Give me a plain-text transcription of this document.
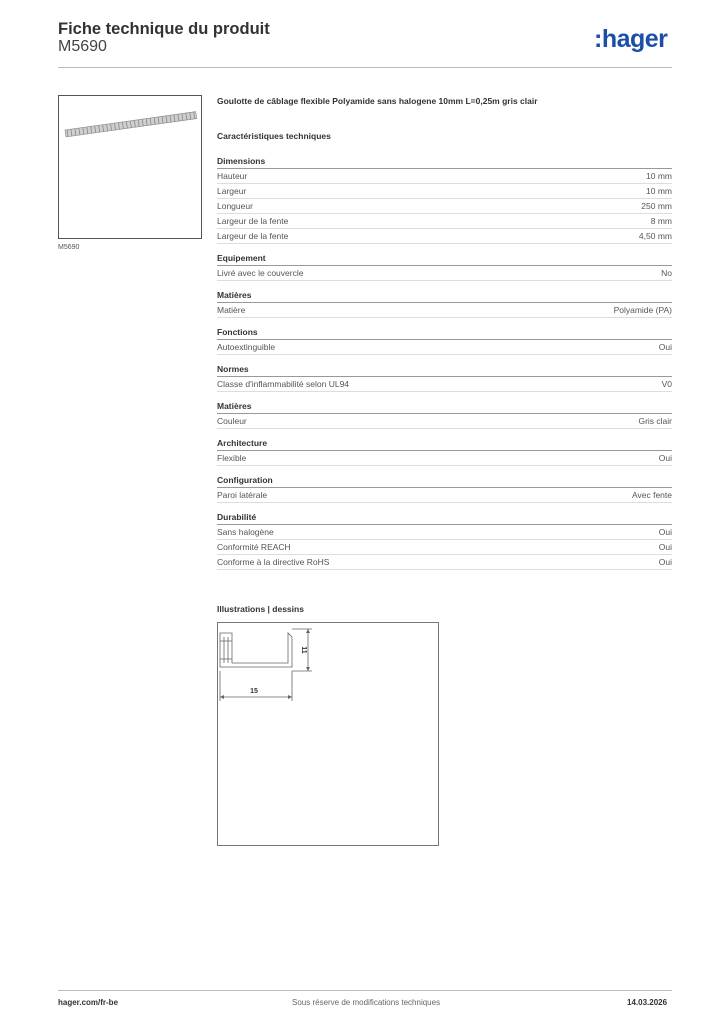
Fiche technique du produit
M5690	:hager
M5690
Goulotte de câblage flexible Polyamide sans halogene 10mm L=0,25m gris clair
Caractéristiques techniques
Dimensions
Hauteur	10 mm
Largeur	10 mm
Longueur	250 mm
Largeur de la fente	8 mm
Largeur de la fente	4,50 mm
Equipement
Livré avec le couvercle	No
Matières
Matière	Polyamide (PA)
Fonctions
Autoextinguible	Oui
Normes
Classe d'inflammabilité selon UL94	V0
Matières
Couleur	Gris clair
Architecture
Flexible	Oui
Configuration
Paroi latérale	Avec fente
Durabilité
Sans halogène	Oui
Conformité REACH	Oui
Conforme à la directive RoHS	Oui
Illustrations | dessins
11
15
hager.com/fr-be	Sous réserve de modifications techniques	14.03.2026
